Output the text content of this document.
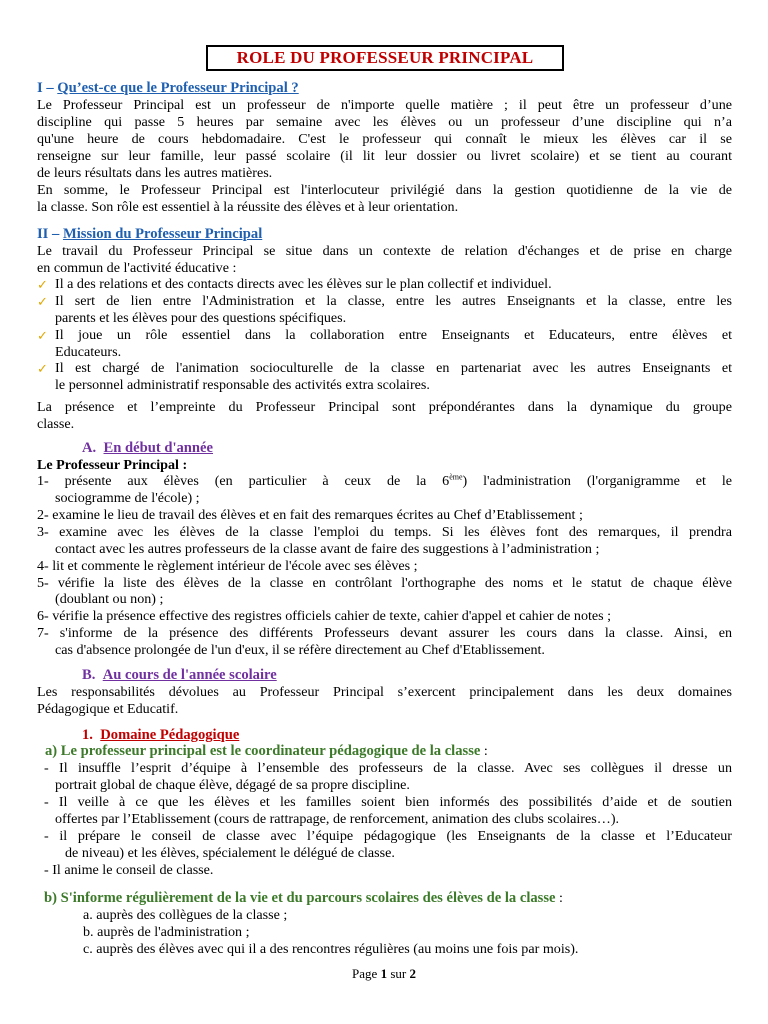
ROLE DU PROFESSEUR PRINCIPAL
I – Qu’est-ce que le Professeur Principal ?
Le Professeur Principal est un professeur de n'importe quelle matière ; il peut être un professeur d’une
discipline qui passe 5 heures par semaine avec les élèves ou un professeur d’une discipline qui n’a
qu'une heure de cours hebdomadaire. C'est le professeur qui connaît le mieux les élèves car il se
renseigne sur leur famille, leur passé scolaire (il lit leur dossier ou livret scolaire) et se tient au courant
de leurs résultats dans les autres matières.
En somme, le Professeur Principal est l'interlocuteur privilégié dans la gestion quotidienne de la vie de
la classe. Son rôle est essentiel à la réussite des élèves et à leur orientation.
II – Mission du Professeur Principal
Le travail du Professeur Principal se situe dans un contexte de relation d'échanges et de prise en charge
en commun de l'activité éducative :
✓ Il a des relations et des contacts directs avec les élèves sur le plan collectif et individuel.
✓ Il sert de lien entre l'Administration et la classe, entre les autres Enseignants et la classe, entre les
parents et les élèves pour des questions spécifiques.
✓ Il joue un rôle essentiel dans la collaboration entre Enseignants et Educateurs, entre élèves et
Educateurs.
✓ Il est chargé de l'animation socioculturelle de la classe en partenariat avec les autres Enseignants et
le personnel administratif responsable des activités extra scolaires.
La présence et l’empreinte du Professeur Principal sont prépondérantes dans la dynamique du groupe
classe.
A. En début d'année
Le Professeur Principal :
1- présente aux élèves (en particulier à ceux de la 6ème) l'administration (l'organigramme et le
sociogramme de l'école) ;
2- examine le lieu de travail des élèves et en fait des remarques écrites au Chef d’Etablissement ;
3- examine avec les élèves de la classe l'emploi du temps. Si les élèves font des remarques, il prendra
contact avec les autres professeurs de la classe avant de faire des suggestions à l’administration ;
4- lit et commente le règlement intérieur de l'école avec ses élèves ;
5- vérifie la liste des élèves de la classe en contrôlant l'orthographe des noms et le statut de chaque élève
(doublant ou non) ;
6- vérifie la présence effective des registres officiels cahier de texte, cahier d'appel et cahier de notes ;
7- s'informe de la présence des différents Professeurs devant assurer les cours dans la classe. Ainsi, en
cas d'absence prolongée de l'un d'eux, il se réfère directement au Chef d'Etablissement.
B. Au cours de l'année scolaire
Les responsabilités dévolues au Professeur Principal s’exercent principalement dans les deux domaines
Pédagogique et Educatif.
1. Domaine Pédagogique
a) Le professeur principal est le coordinateur pédagogique de la classe :
- Il insuffle l’esprit d’équipe à l’ensemble des professeurs de la classe. Avec ses collègues il dresse un
portrait global de chaque élève, dégagé de sa propre discipline.
- Il veille à ce que les élèves et les familles soient bien informés des possibilités d’aide et de soutien
offertes par l’Etablissement (cours de rattrapage, de renforcement, animation des clubs scolaires…).
- il prépare le conseil de classe avec l’équipe pédagogique (les Enseignants de la classe et l’Educateur
de niveau) et les élèves, spécialement le délégué de classe.
- Il anime le conseil de classe.
b) S'informe régulièrement de la vie et du parcours scolaires des élèves de la classe :
a. auprès des collègues de la classe ;
b. auprès de l'administration ;
c. auprès des élèves avec qui il a des rencontres régulières (au moins une fois par mois).
Page 1 sur 2
